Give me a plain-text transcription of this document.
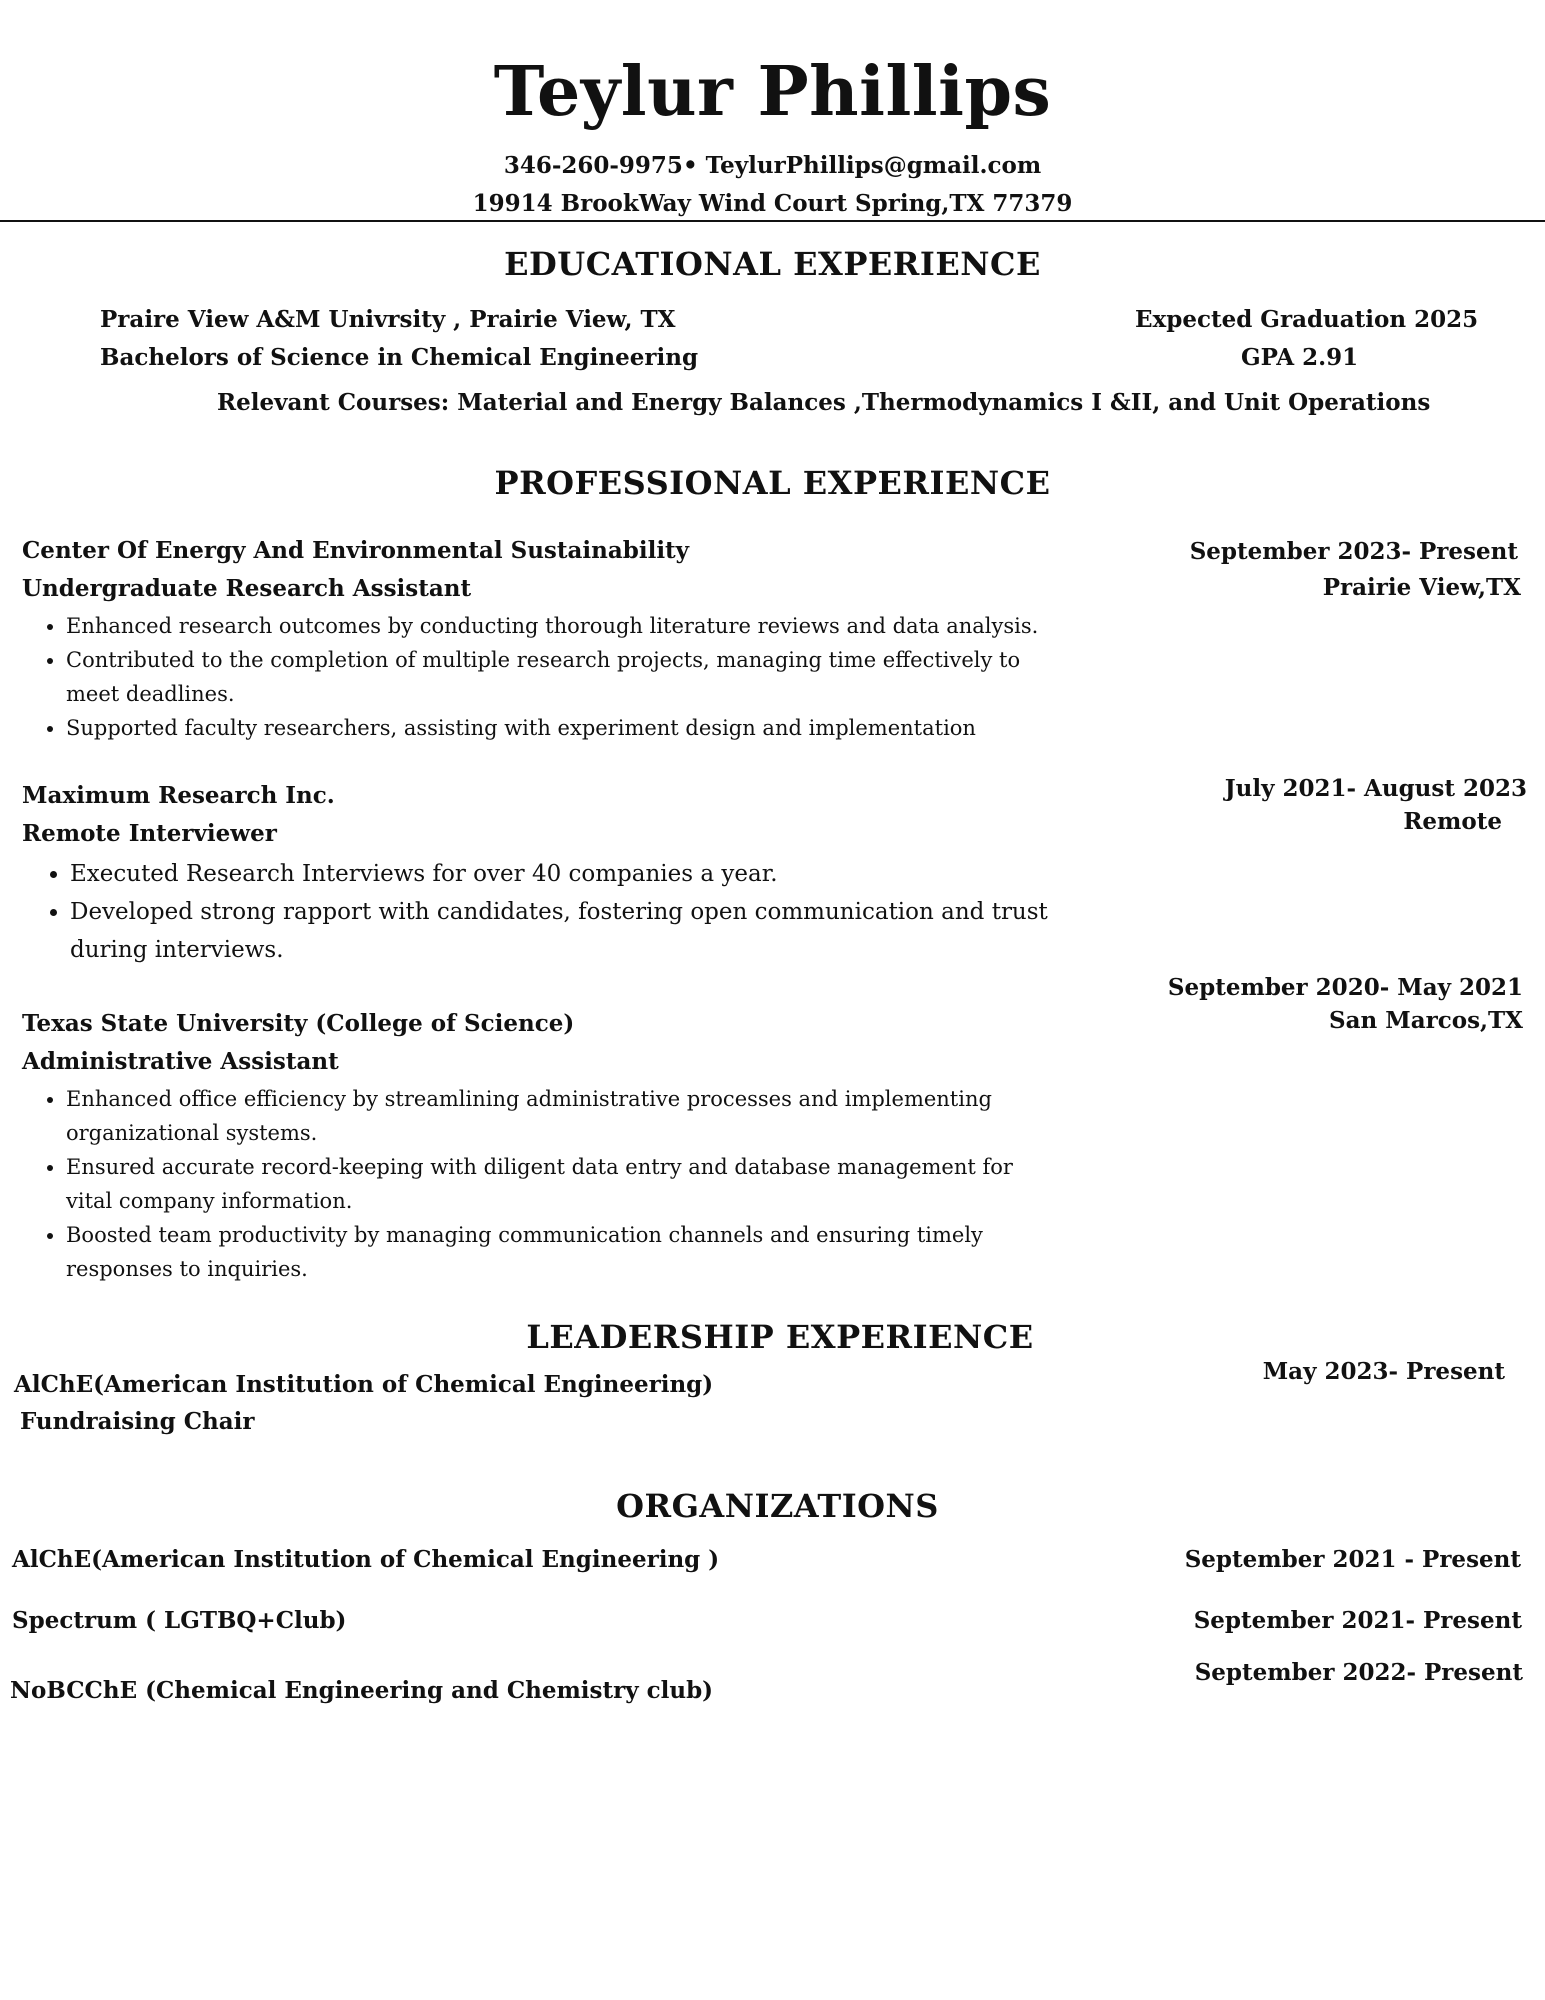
Teylur Phillips
346-260-9975• TeylurPhillips@gmail.com
19914 BrookWay Wind Court Spring,TX 77379
EDUCATIONAL EXPERIENCE
Praire View A&M Univrsity , Prairie View, TX
Bachelors of Science in Chemical Engineering
Expected Graduation 2025
GPA 2.91
Relevant Courses: Material and Energy Balances ,Thermodynamics I &II, and Unit Operations
PROFESSIONAL EXPERIENCE
Center Of Energy And Environmental Sustainability
Undergraduate Research Assistant
September 2023- Present
Prairie View,TX
• Enhanced research outcomes by conducting thorough literature reviews and data analysis.
• Contributed to the completion of multiple research projects, managing time effectively to meet deadlines.
• Supported faculty researchers, assisting with experiment design and implementation
Maximum Research Inc.
Remote Interviewer
July 2021- August 2023
Remote
• Executed Research Interviews for over 40 companies a year.
• Developed strong rapport with candidates, fostering open communication and trust during interviews.
Texas State University (College of Science)
Administrative Assistant
September 2020- May 2021
San Marcos,TX
• Enhanced office efficiency by streamlining administrative processes and implementing organizational systems.
• Ensured accurate record-keeping with diligent data entry and database management for vital company information.
• Boosted team productivity by managing communication channels and ensuring timely responses to inquiries.
LEADERSHIP EXPERIENCE
AlChE(American Institution of Chemical Engineering)
Fundraising Chair
May 2023- Present
ORGANIZATIONS
AlChE(American Institution of Chemical Engineering )	September 2021 - Present
Spectrum ( LGTBQ+Club)	September 2021- Present
NoBCChE (Chemical Engineering and Chemistry club)
September 2022- Present
